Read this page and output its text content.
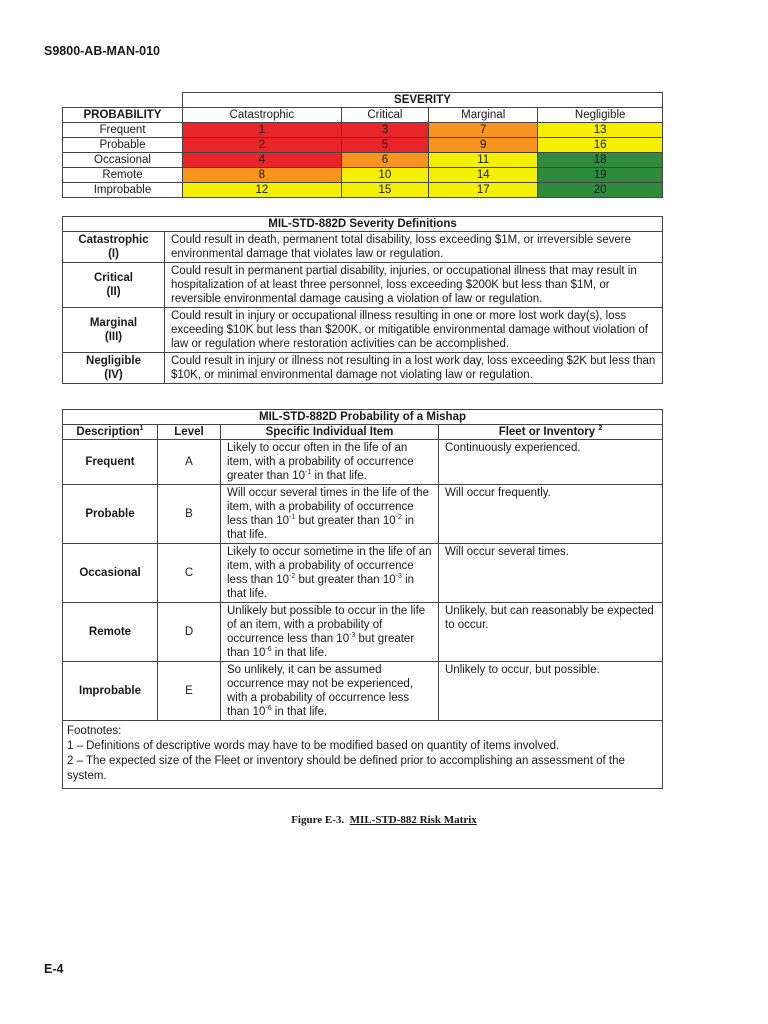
S9800-AB-MAN-010
	SEVERITY			
PROBABILITY	Catastrophic	Critical	Marginal	Negligible
Frequent	1	3	7	13
Probable	2	5	9	16
Occasional	4	6	11	18
Remote	8	10	14	19
Improbable	12	15	17	20
MIL-STD-882D Severity Definitions	

Catastrophic
(I)	Could result in death, permanent total disability, loss exceeding $1M, or irreversible severe environmental damage that violates law or regulation.

Critical
(II)	Could result in permanent partial disability, injuries, or occupational illness that may result in hospitalization of at least three personnel, loss exceeding $200K but less than $1M, or reversible environmental damage causing a violation of law or regulation.

Marginal
(III)	Could result in injury or occupational illness resulting in one or more lost work day(s), loss exceeding $10K but less than $200K, or mitigatible environmental damage without violation of law or regulation where restoration activities can be accomplished.

Negligible
(IV)	Could result in injury or illness not resulting in a lost work day, loss exceeding $2K but less than $10K, or minimal environmental damage not violating law or regulation.
MIL-STD-882D Probability of a Mishap			
Description$^1$	Level	Specific Individual Item	Fleet or Inventory $^2$
Frequent	A	Likely to occur often in the life of an item, with a probability of occurrence greater than $10^{-1}$ in that life.	Continuously experienced.
Probable	B	Will occur several times in the life of the item, with a probability of occurrence less than $10^{-1}$ but greater than $10^{-2}$ in that life.	Will occur frequently.
Occasional	C	Likely to occur sometime in the life of an item, with a probability of occurrence less than $10^{-2}$ but greater than $10^{-3}$ in that life.	Will occur several times.
Remote	D	Unlikely but possible to occur in the life of an item, with a probability of occurrence less than $10^{-3}$ but greater than $10^{-6}$ in that life.	Unlikely, but can reasonably be expected to occur.
Improbable	E	So unlikely, it can be assumed occurrence may not be experienced, with a probability of occurrence less than $10^{-6}$ in that life.	Unlikely to occur, but possible.

Footnotes:
1 – Definitions of descriptive words may have to be modified based on quantity of items involved.
2 – The expected size of the Fleet or inventory should be defined prior to accomplishing an assessment of the system.			
Figure E-3. MIL-STD-882 Risk Matrix
E-4
